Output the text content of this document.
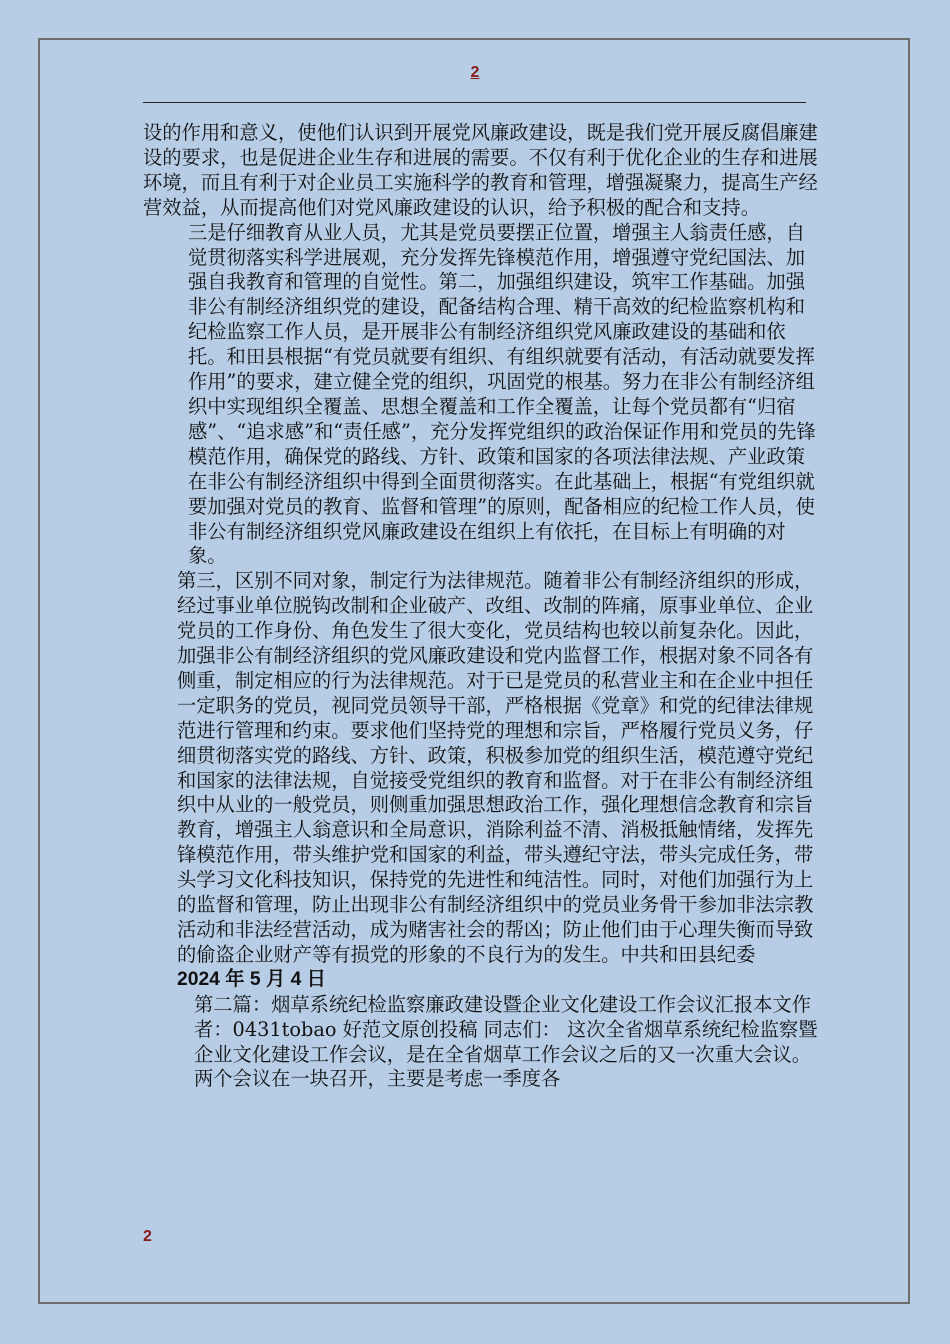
2

设的作用和意义，使他们认识到开展党风廉政建设，既是我们党开展反腐倡廉建设的要求，也是促进企业生存和进展的需要。不仅有利于优化企业的生存和进展环境，而且有利于对企业员工实施科学的教育和管理，增强凝聚力，提高生产经营效益，从而提高他们对党风廉政建设的认识，给予积极的配合和支持。

三是仔细教育从业人员，尤其是党员要摆正位置，增强主人翁责任感，自觉贯彻落实科学进展观，充分发挥先锋模范作用，增强遵守党纪国法、加强自我教育和管理的自觉性。第二，加强组织建设，筑牢工作基础。加强非公有制经济组织党的建设，配备结构合理、精干高效的纪检监察机构和纪检监察工作人员，是开展非公有制经济组织党风廉政建设的基础和依托。和田县根据“有党员就要有组织、有组织就要有活动，有活动就要发挥作用”的要求，建立健全党的组织，巩固党的根基。努力在非公有制经济组织中实现组织全覆盖、思想全覆盖和工作全覆盖，让每个党员都有“归宿感”、“追求感”和“责任感”，充分发挥党组织的政治保证作用和党员的先锋模范作用，确保党的路线、方针、政策和国家的各项法律法规、产业政策在非公有制经济组织中得到全面贯彻落实。在此基础上，根据“有党组织就要加强对党员的教育、监督和管理”的原则，配备相应的纪检工作人员，使非公有制经济组织党风廉政建设在组织上有依托，在目标上有明确的对象。

第三，区别不同对象，制定行为法律规范。随着非公有制经济组织的形成，经过事业单位脱钩改制和企业破产、改组、改制的阵痛，原事业单位、企业党员的工作身份、角色发生了很大变化，党员结构也较以前复杂化。因此，加强非公有制经济组织的党风廉政建设和党内监督工作，根据对象不同各有侧重，制定相应的行为法律规范。对于已是党员的私营业主和在企业中担任一定职务的党员，视同党员领导干部，严格根据《党章》和党的纪律法律规范进行管理和约束。要求他们坚持党的理想和宗旨，严格履行党员义务，仔细贯彻落实党的路线、方针、政策，积极参加党的组织生活，模范遵守党纪和国家的法律法规，自觉接受党组织的教育和监督。对于在非公有制经济组织中从业的一般党员，则侧重加强思想政治工作，强化理想信念教育和宗旨教育，增强主人翁意识和全局意识，消除利益不清、消极抵触情绪，发挥先锋模范作用，带头维护党和国家的利益，带头遵纪守法，带头完成任务，带头学习文化科技知识，保持党的先进性和纯洁性。同时，对他们加强行为上的监督和管理，防止出现非公有制经济组织中的党员业务骨干参加非法宗教活动和非法经营活动，成为赌害社会的帮凶；防止他们由于心理失衡而导致的偷盗企业财产等有损党的形象的不良行为的发生。中共和田县纪委

2024 年 5 月 4 日

第二篇：烟草系统纪检监察廉政建设暨企业文化建设工作会议汇报本文作者：0431tobao 好范文原创投稿 同志们： 这次全省烟草系统纪检监察暨企业文化建设工作会议，是在全省烟草工作会议之后的又一次重大会议。两个会议在一块召开，主要是考虑一季度各

2
